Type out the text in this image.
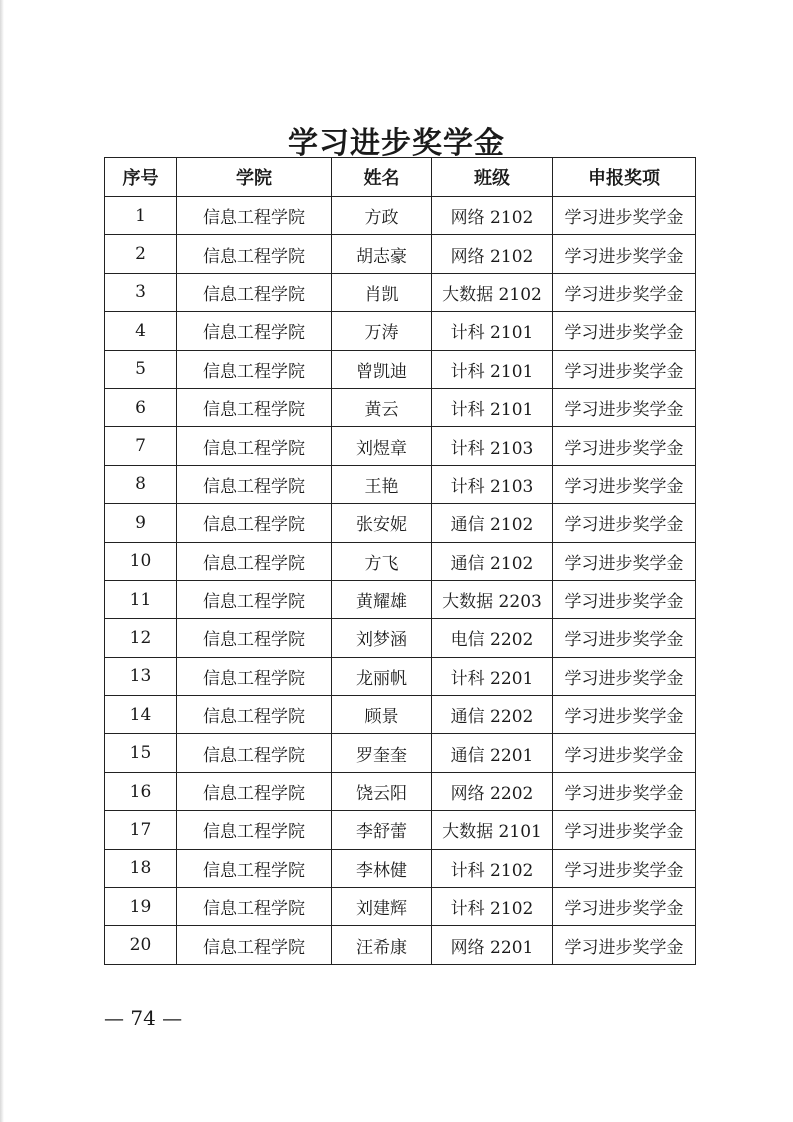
学习进步奖学金
序号	学院	姓名	班级	申报奖项
1	信息工程学院	方政	网络 2102	学习进步奖学金
2	信息工程学院	胡志豪	网络 2102	学习进步奖学金
3	信息工程学院	肖凯	大数据 2102	学习进步奖学金
4	信息工程学院	万涛	计科 2101	学习进步奖学金
5	信息工程学院	曾凯迪	计科 2101	学习进步奖学金
6	信息工程学院	黄云	计科 2101	学习进步奖学金
7	信息工程学院	刘煜章	计科 2103	学习进步奖学金
8	信息工程学院	王艳	计科 2103	学习进步奖学金
9	信息工程学院	张安妮	通信 2102	学习进步奖学金
10	信息工程学院	方飞	通信 2102	学习进步奖学金
11	信息工程学院	黄耀雄	大数据 2203	学习进步奖学金
12	信息工程学院	刘梦涵	电信 2202	学习进步奖学金
13	信息工程学院	龙丽帆	计科 2201	学习进步奖学金
14	信息工程学院	顾景	通信 2202	学习进步奖学金
15	信息工程学院	罗奎奎	通信 2201	学习进步奖学金
16	信息工程学院	饶云阳	网络 2202	学习进步奖学金
17	信息工程学院	李舒蕾	大数据 2101	学习进步奖学金
18	信息工程学院	李林健	计科 2102	学习进步奖学金
19	信息工程学院	刘建辉	计科 2102	学习进步奖学金
20	信息工程学院	汪希康	网络 2201	学习进步奖学金
— 74 —
